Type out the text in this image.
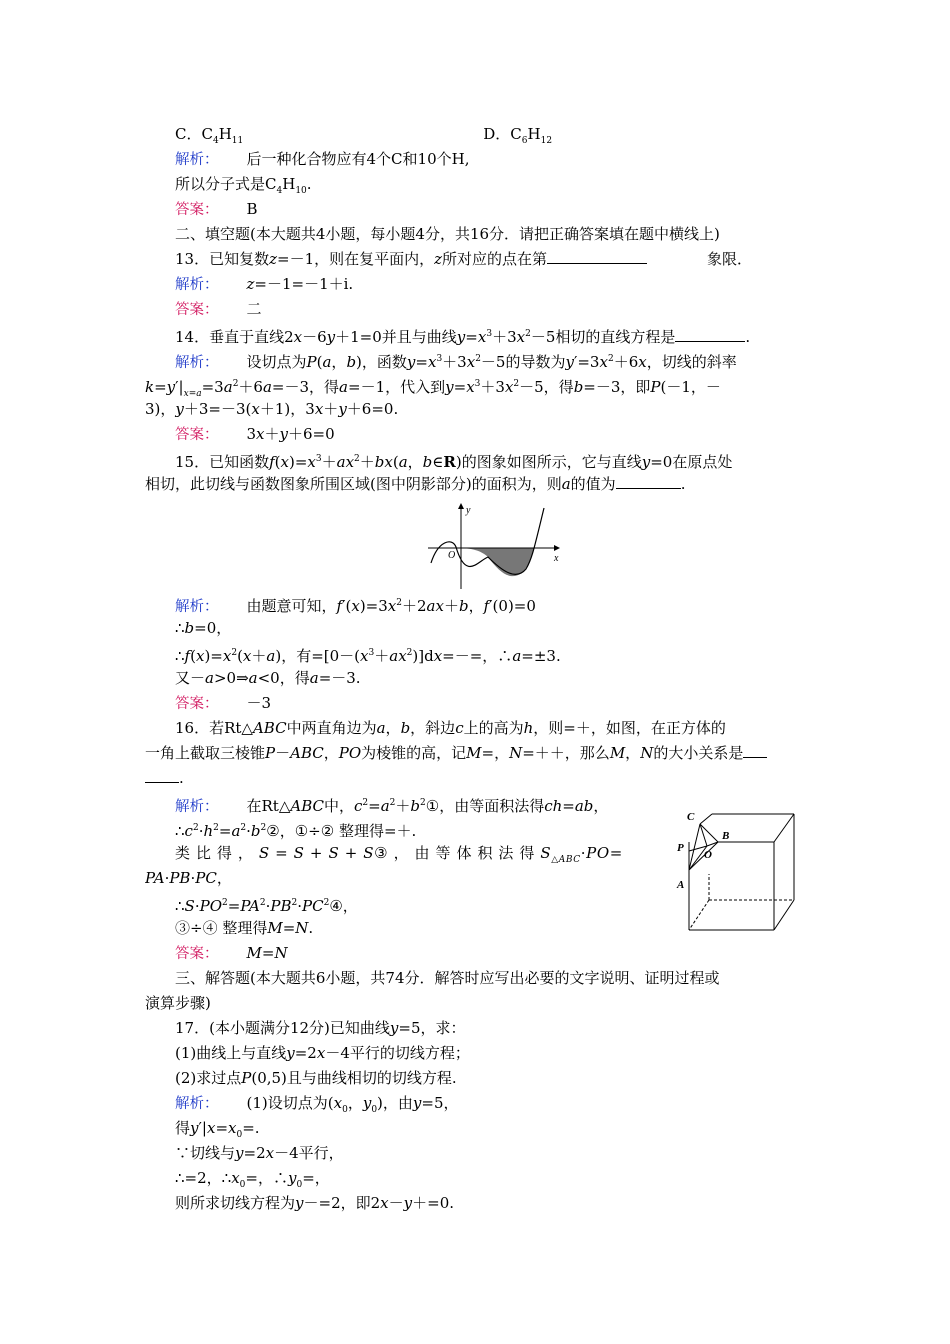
C．$C_4H_{11}$	D．$C_6H_{12}$
解析： 后一种化合物应有4个C和10个H,
所以分子式是$C_4H_{10}$.
答案： B
二、填空题(本大题共4小题，每小题4分，共16分．请把正确答案填在题中横线上)
13．已知复数z=－1，则在复平面内，z所对应的点在第	象限．
解析： z=－1=－1＋i.
答案： 二
14．垂直于直线2x－6y＋1=0并且与曲线$y=x^3+3x^2-5$相切的直线方程是	.
解析： 设切点为P(a，b)，函数$y=x^3+3x^2-5$的导数为$y'=3x^2+6x$，切线的斜率
$k=y'|_{x=a}=3a^2+6a=-3$，得a=－1，代入到$y=x^3+3x^2-5$，得b=－3，即P(－1，－
3)，y＋3=－3(x＋1)，3x＋y＋6=0.
答案： 3x＋y＋6=0
15．已知函数$f(x)=x^3+ax^2+bx(a$，b∈R)的图象如图所示，它与直线y=0在原点处
相切，此切线与函数图象所围区域(图中阴影部分)的面积为，则a的值为	.
解析： 由题意可知，$f'(x)=3x^2+2ax+b$，f′(0)=0
∴b=0，
$\therefore f(x)=x^2(x+a)$，有$=[0-(x^3+ax^2)]dx=-=$，∴a=±3.
又－a>0⇒a<0，得a=－3.
答案： －3
16．若Rt△ABC中两直角边为a，b，斜边c上的高为h，则=＋，如图，在正方体的
一角上截取三棱锥P－ABC，PO为棱锥的高，记M=，N=＋＋，那么M，N的大小关系是
.
解析： 在Rt△ABC中，$c^2=a^2+b^2①$，由等面积法得ch=ab，
$\therefore c^2\cdot h^2=a^2\cdot b^2②$，①÷② 整理得=＋.
类 比 得 ， S = S + S + S③ ， 由 等 体 积 法 得 $S_{\triangle ABC}\cdot PO=$
PA·PB·PC，
$\therefore S\cdot PO^2=PA^2\cdot PB^2\cdot PC^2④$，
③÷④ 整理得M=N.
答案： M=N
三、解答题(本大题共6小题，共74分．解答时应写出必要的文字说明、证明过程或
演算步骤)
17．(本小题满分12分)已知曲线y=5，求：
(1)曲线上与直线y=2x－4平行的切线方程；
(2)求过点P(0,5)且与曲线相切的切线方程.
解析： (1)设切点为($x_0$，$y_0$)，由y=5，
得$y'|x=x_0=$.
∵切线与y=2x－4平行，
∴=2，$\therefore x_0=$，$\therefore y_0=$，
则所求切线方程为y－=2，即2x－y＋=0.
x
y
O
C
B
P
O
A
